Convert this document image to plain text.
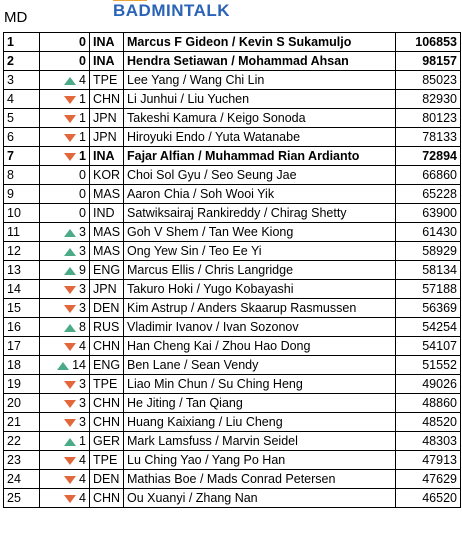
MD	BADMINTALK
1	0	INA	Marcus F Gideon / Kevin S Sukamuljo	106853
2	0	INA	Hendra Setiawan / Mohammad Ahsan	98157
3	4	TPE	Lee Yang / Wang Chi Lin	85023
4	1	CHN	Li Junhui / Liu Yuchen	82930
5	1	JPN	Takeshi Kamura / Keigo Sonoda	80123
6	1	JPN	Hiroyuki Endo / Yuta Watanabe	78133
7	1	INA	Fajar Alfian / Muhammad Rian Ardianto	72894
8	0	KOR	Choi Sol Gyu / Seo Seung Jae	66860
9	0	MAS	Aaron Chia / Soh Wooi Yik	65228
10	0	IND	Satwiksairaj Rankireddy / Chirag Shetty	63900
11	3	MAS	Goh V Shem / Tan Wee Kiong	61430
12	3	MAS	Ong Yew Sin / Teo Ee Yi	58929
13	9	ENG	Marcus Ellis / Chris Langridge	58134
14	3	JPN	Takuro Hoki / Yugo Kobayashi	57188
15	3	DEN	Kim Astrup / Anders Skaarup Rasmussen	56369
16	8	RUS	Vladimir Ivanov / Ivan Sozonov	54254
17	4	CHN	Han Cheng Kai / Zhou Hao Dong	54107
18	14	ENG	Ben Lane / Sean Vendy	51552
19	3	TPE	Liao Min Chun / Su Ching Heng	49026
20	3	CHN	He Jiting / Tan Qiang	48860
21	3	CHN	Huang Kaixiang / Liu Cheng	48520
22	1	GER	Mark Lamsfuss / Marvin Seidel	48303
23	4	TPE	Lu Ching Yao / Yang Po Han	47913
24	4	DEN	Mathias Boe / Mads Conrad Petersen	47629
25	4	CHN	Ou Xuanyi / Zhang Nan	46520
